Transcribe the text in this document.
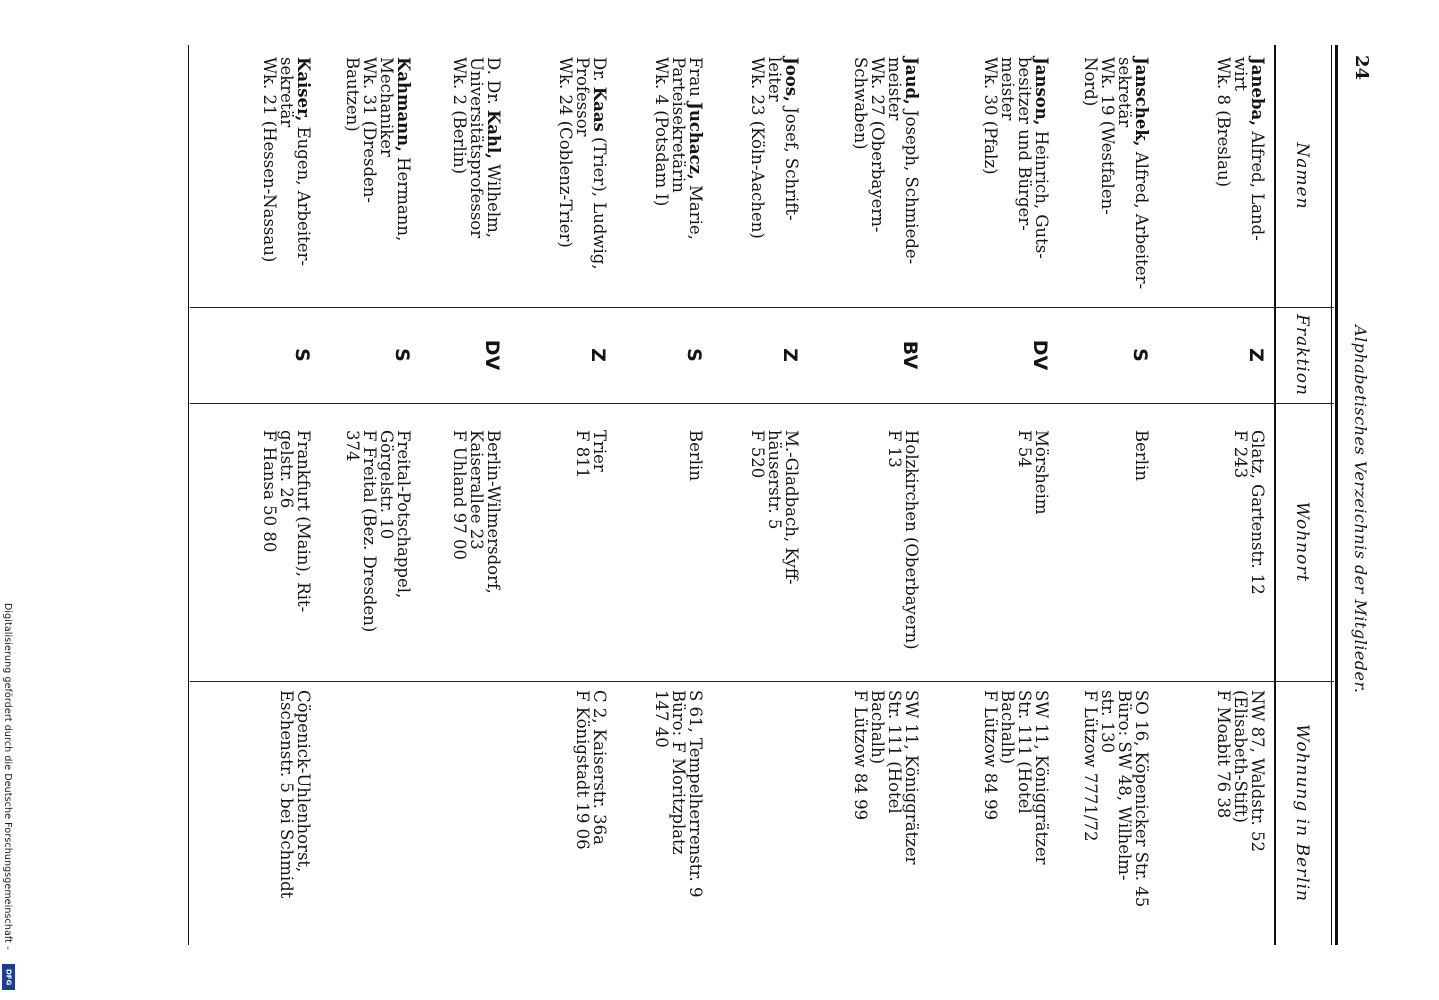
Digitalisierung gefördert durch die Deutsche Forschungsgemeinschaft -
DFG
24
Alphabetisches Verzeichnis der Mitglieder.
Namen
Fraktion
Wohnort
Wohnung in Berlin
Janeba, Alfred, Land-
wirt
Wk. 8 (Breslau)
Z
Glatz, Gartenstr. 12
F 243
NW 87, Waldstr. 52
(Elisabeth-Stift)
F Moabit 76 38
Janschek, Alfred, Arbeiter-
sekretär
Wk. 19 (Westfalen-
Nord)
S
Berlin
SO 16, Köpenicker Str. 45
Büro: SW 48, Wilhelm-
str. 130
F Lützow 7771/72
Janson, Heinrich, Guts-
besitzer und Bürger-
meister
Wk. 30 (Pfalz)
DV
Mörsheim
F 54
SW 11, Königgrätzer
Str. 111 (Hotel
Bachalh)
F Lützow 84 99
Jaud, Joseph, Schmiede-
meister
Wk. 27 (Oberbayern-
Schwaben)
BV
Holzkirchen (Oberbayern)
F 13
SW 11, Königgrätzer
Str. 111 (Hotel
Bachalh)
F Lützow 84 99
Joos, Josef, Schrift-
leiter
Wk. 23 (Köln-Aachen)
Z
M.-Gladbach, Kyff-
häuserstr. 5
F 520
Frau Juchacz, Marie,
Parteisekretärin
Wk. 4 (Potsdam I)
S
Berlin
S 61, Tempelherrenstr. 9
Büro: F Moritzplatz
147 40
Dr. Kaas (Trier), Ludwig,
Professor
Wk. 24 (Coblenz-Trier)
Z
Trier
F 811
C 2, Kaiserstr. 36a
F Königstadt 19 06
D. Dr. Kahl, Wilhelm,
Universitätsprofessor
Wk. 2 (Berlin)
DV
Berlin-Wilmersdorf,
Kaiserallee 23
F Uhland 97 00
Kahmann, Hermann,
Mechaniker
Wk. 31 (Dresden-
Bautzen)
S
Freital-Potschappel,
Görgelstr. 10
F Freital (Bez. Dresden)
374
Kaiser, Eugen, Arbeiter-
sekretär
Wk. 21 (Hessen-Nassau)
S
Frankfurt (Main), Rit-
gelstr. 26
F Hansa 50 80
Cöpenick-Uhlenhorst,
Eschenstr. 5 bei Schmidt
